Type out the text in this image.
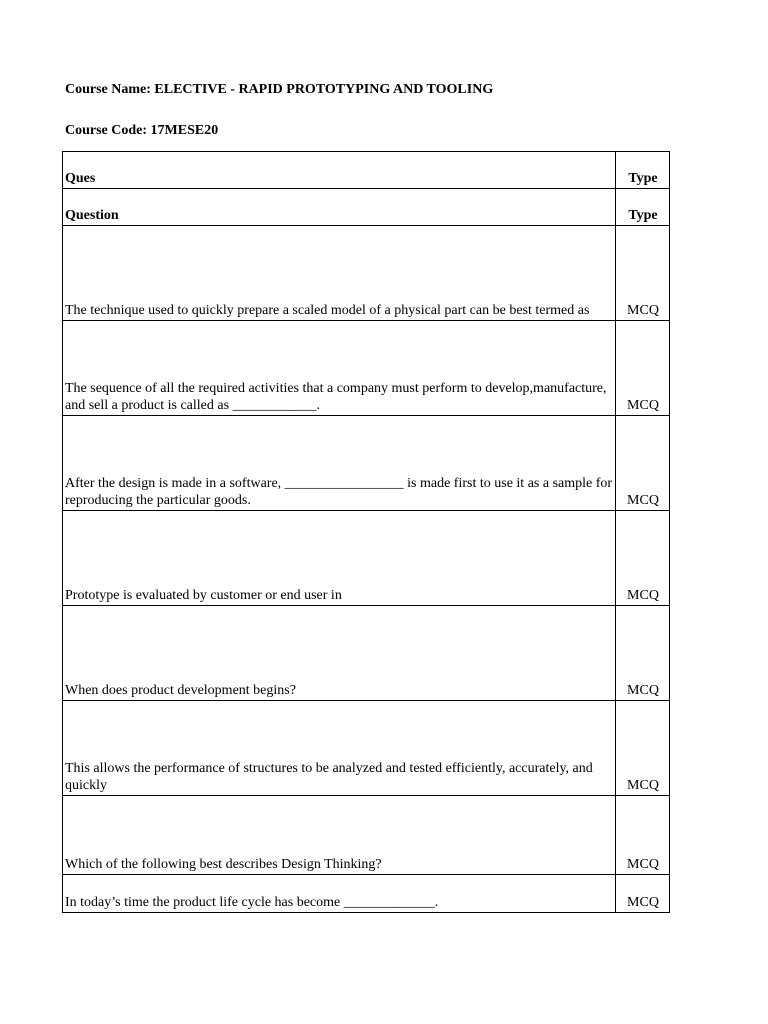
Course Name: ELECTIVE - RAPID PROTOTYPING AND TOOLING

Course Code: 17MESE20

Ques	Type
Question	Type
The technique used to quickly prepare a scaled model of a physical part can be best termed as	MCQ
The sequence of all the required activities that a company must perform to develop,manufacture, and sell a product is called as ____________.	MCQ
After the design is made in a software, _________________ is made first to use it as a sample for reproducing the particular goods.	MCQ
Prototype is evaluated by customer or end user in	MCQ
When does product development begins?	MCQ
This allows the performance of structures to be analyzed and tested efficiently, accurately, and quickly	MCQ
Which of the following best describes Design Thinking?	MCQ
In today’s time the product life cycle has become _____________.	MCQ
